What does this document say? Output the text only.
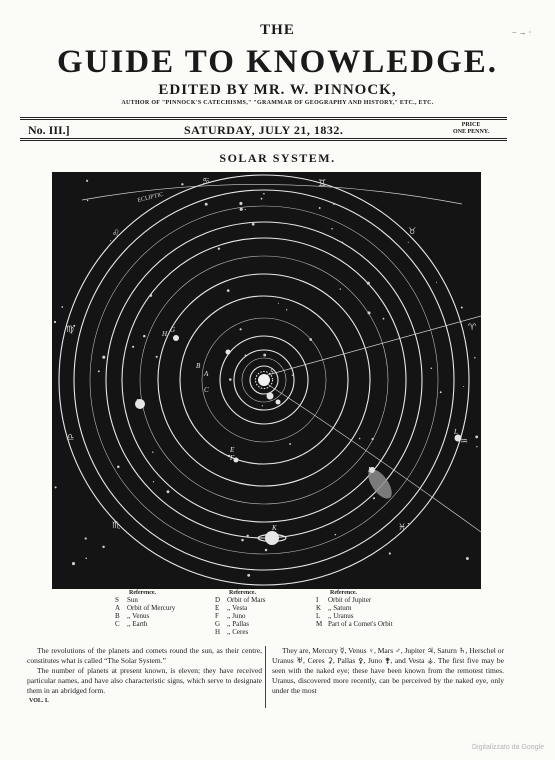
THE
GUIDE TO KNOWLEDGE.
EDITED BY MR. W. PINNOCK,
AUTHOR OF "PINNOCK'S CATECHISMS," "GRAMMAR OF GEOGRAPHY AND HISTORY," ETC., ETC.
− → ·
No. III.]	SATURDAY, JULY 21, 1832.	PRICE
ONE PENNY.
SOLAR SYSTEM.
ECLIPTIC
S
A
B
C
D
E
F
G
H
I
K
L
M
♌
♋	♊
♉
♈
♍
♎
♏	♓
♒
Reference.
S Sun
A Orbit of Mercury
B ,, Venus
C ,, Earth
Reference.
D Orbit of Mars
E ,, Vesta
F ,, Juno
G ,, Pallas
H ,, Ceres
Reference.
I Orbit of Jupiter
K ,, Saturn
L ,, Uranus
M Part of a Comet's Orbit

The revolutions of the planets and comets round the sun, as their centre, constitutes what is called “The Solar System.”

The number of planets at present known, is eleven; they have received particular names, and have also characteristic signs, which serve to designate them in an abridged form.

They are, Mercury ☿, Venus ♀, Mars ♂, Jupiter ♃, Saturn ♄, Herschel or Uranus ♅, Ceres ⚳, Pallas ⚴, Juno ⚵, and Vesta ⚶. The first five may be seen with the naked eye; these have been known from the remotest times. Uranus, discovered more recently, can be perceived by the naked eye, only under the most

VOL. I.
Digitalizzato da Google
